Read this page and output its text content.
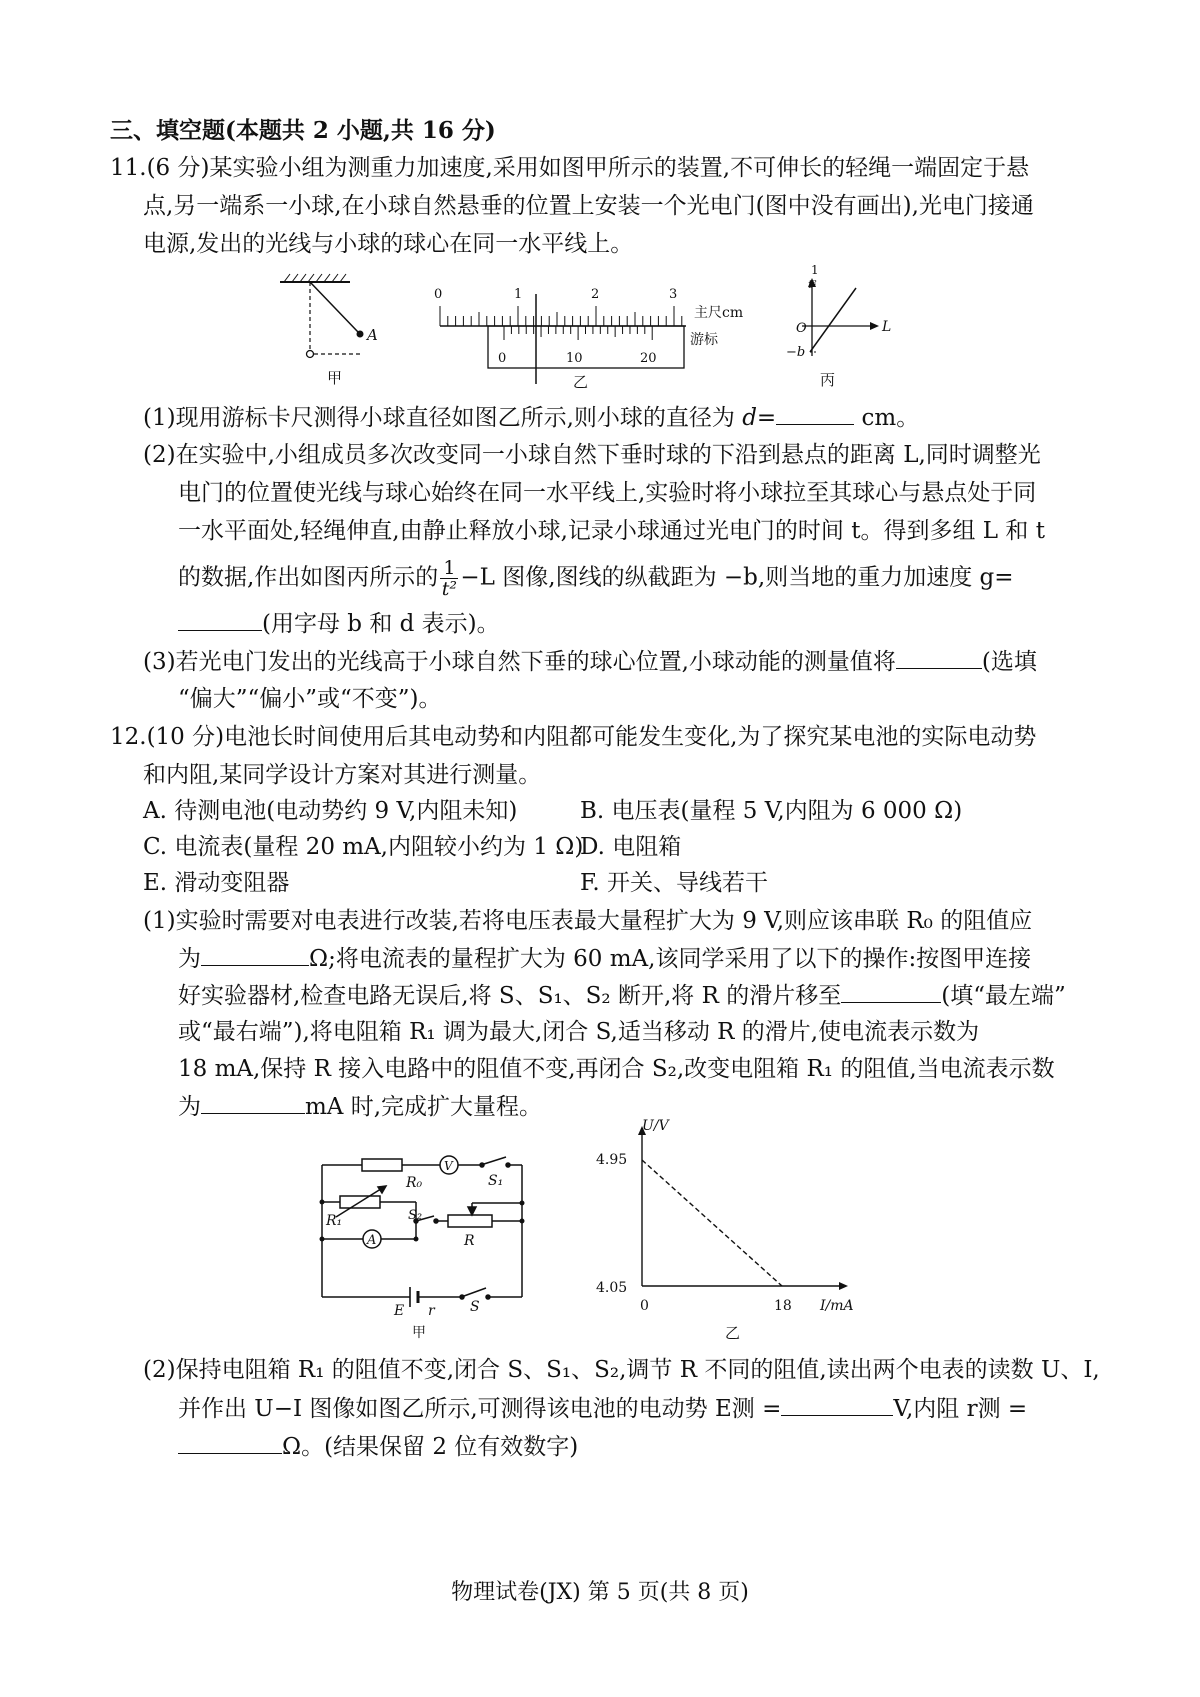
三、填空题(本题共 2 小题,共 16 分)
11.(6 分)某实验小组为测重力加速度,采用如图甲所示的装置,不可伸长的轻绳一端固定于悬
点,另一端系一小球,在小球自然悬垂的位置上安装一个光电门(图中没有画出),光电门接通
电源,发出的光线与小球的球心在同一水平线上。
A
甲
0	1	2	3
主尺cm
0	10	20
游标
乙
1
t²
L
O
−b
丙
(1)现用游标卡尺测得小球直径如图乙所示,则小球的直径为 d=	cm。
(2)在实验中,小组成员多次改变同一小球自然下垂时球的下沿到悬点的距离 L,同时调整光
电门的位置使光线与球心始终在同一水平线上,实验时将小球拉至其球心与悬点处于同
一水平面处,轻绳伸直,由静止释放小球,记录小球通过光电门的时间 t。得到多组 L 和 t
的数据,作出如图丙所示的 $\frac{1}{\text{t²}} -L$ 图像,图线的纵截距为 −b,则当地的重力加速度 g=
(用字母 b 和 d 表示)。
(3)若光电门发出的光线高于小球自然下垂的球心位置,小球动能的测量值将	(选填
“偏大”“偏小”或“不变”)。
12.(10 分)电池长时间使用后其电动势和内阻都可能发生变化,为了探究某电池的实际电动势
和内阻,某同学设计方案对其进行测量。
A. 待测电池(电动势约 9 V,内阻未知)	B. 电压表(量程 5 V,内阻为 6 000 Ω)
C. 电流表(量程 20 mA,内阻较小约为 1 Ω)
D. 电阻箱
E. 滑动变阻器	F. 开关、导线若干
(1)实验时需要对电表进行改装,若将电压表最大量程扩大为 9 V,则应该串联 R₀ 的阻值应
为	Ω;将电流表的量程扩大为 60 mA,该同学采用了以下的操作:按图甲连接
好实验器材,检查电路无误后,将 S、S₁、S₂ 断开,将 R 的滑片移至	(填“最左端”
或“最右端”),将电阻箱 R₁ 调为最大,闭合 S,适当移动 R 的滑片,使电流表示数为
18 mA,保持 R 接入电路中的阻值不变,再闭合 S₂,改变电阻箱 R₁ 的阻值,当电流表示数
为	mA 时,完成扩大量程。
R₀
V
S₁
R₁	S₂
A	R
E r	S
甲
U/V
4.95
4.05
0	18 I/mA
乙
(2)保持电阻箱 R₁ 的阻值不变,闭合 S、S₁、S₂,调节 R 不同的阻值,读出两个电表的读数 U、I,
并作出 U−I 图像如图乙所示,可测得该电池的电动势 E测 =	V,内阻 r测 =
Ω。(结果保留 2 位有效数字)
物理试卷(JX) 第 5 页(共 8 页)
